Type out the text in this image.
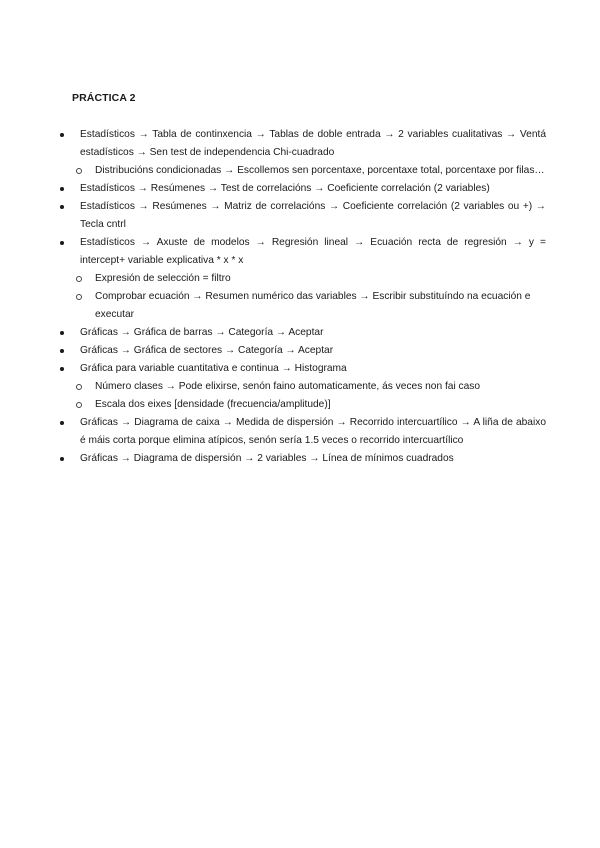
PRÁCTICA 2
Estadísticos → Tabla de continxencia → Tablas de doble entrada → 2 variables cualitativas → Ventá estadísticos → Sen test de independencia Chi-cuadrado
Distribucións condicionadas → Escollemos sen porcentaxe, porcentaxe total, porcentaxe por filas…
Estadísticos → Resúmenes → Test de correlacións → Coeficiente correlación (2 variables)
Estadísticos → Resúmenes → Matriz de correlacións → Coeficiente correlación (2 variables ou +) → Tecla cntrl
Estadísticos → Axuste de modelos → Regresión lineal → Ecuación recta de regresión → y = intercept+ variable explicativa * x * x
Expresión de selección = filtro
Comprobar ecuación → Resumen numérico das variables → Escribir substituíndo na ecuación e executar
Gráficas → Gráfica de barras → Categoría → Aceptar
Gráficas → Gráfica de sectores → Categoría → Aceptar
Gráfica para variable cuantitativa e continua → Histograma
Número clases → Pode elixirse, senón faino automaticamente, ás veces non fai caso
Escala dos eixes [densidade (frecuencia/amplitude)]
Gráficas → Diagrama de caixa → Medida de dispersión → Recorrido intercuartílico → A liña de abaixo é máis corta porque elimina atípicos, senón sería 1.5 veces o recorrido intercuartílico
Gráficas → Diagrama de dispersión → 2 variables → Línea de mínimos cuadrados
